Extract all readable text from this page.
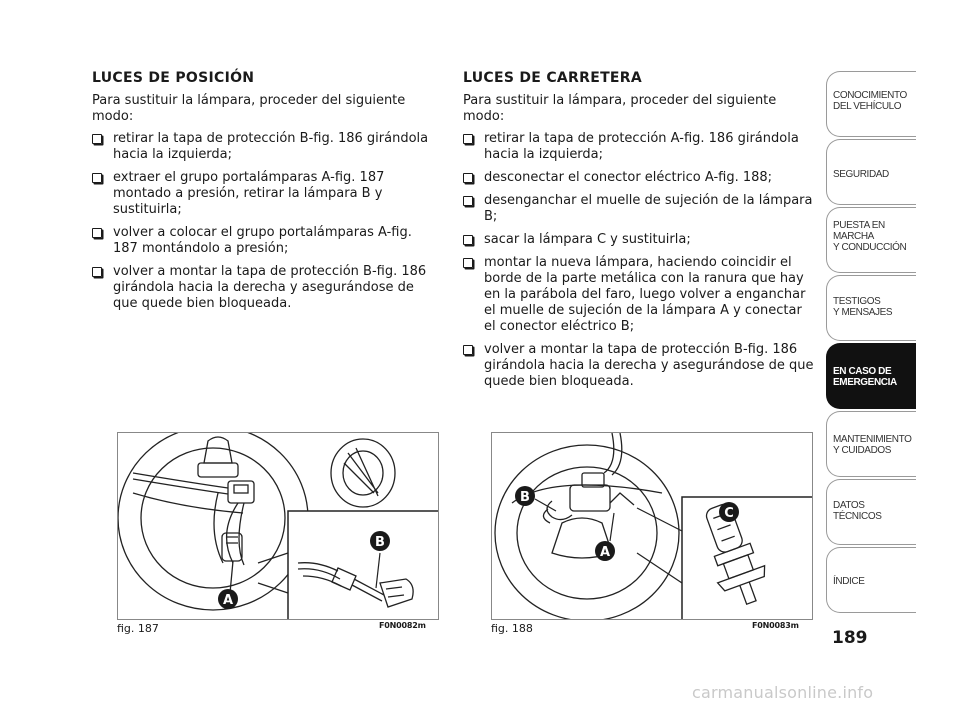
LUCES DE POSICIÓN

Para sustituir la lámpara, proceder del siguiente modo:

retirar la tapa de protección B-fig. 186 girándola hacia la izquierda;
extraer el grupo portalámparas A-fig. 187 montado a presión, retirar la lámpara B y sustituirla;
volver a colocar el grupo portalámparas A-fig. 187 montándolo a presión;
volver a montar la tapa de protección B-fig. 186 girándola hacia la derecha y asegurándose de que quede bien bloqueada.
LUCES DE CARRETERA

Para sustituir la lámpara, proceder del siguiente modo:

retirar la tapa de protección A-fig. 186 girándola hacia la izquierda;
desconectar el conector eléctrico A-fig. 188;
desenganchar el muelle de sujeción de la lámpara B;
sacar la lámpara C y sustituirla;
montar la nueva lámpara, haciendo coincidir el borde de la parte metálica con la ranura que hay en la parábola del faro, luego volver a enganchar el muelle de sujeción de la lámpara A y conectar el conector eléctrico B;
volver a montar la tapa de protección B-fig. 186 girándola hacia la derecha y asegurándose de que quede bien bloqueada.
B
A
fig. 187	F0N0082m
B
A
C
fig. 188	F0N0083m
CONOCIMIENTO
DEL VEHÍCULO
SEGURIDAD
PUESTA EN
MARCHA
Y CONDUCCIÓN
TESTIGOS
Y MENSAJES
EN CASO DE
EMERGENCIA
MANTENIMIENTO
Y CUIDADOS
DATOS
TÉCNICOS
ÍNDICE
189
carmanualsonline.info
